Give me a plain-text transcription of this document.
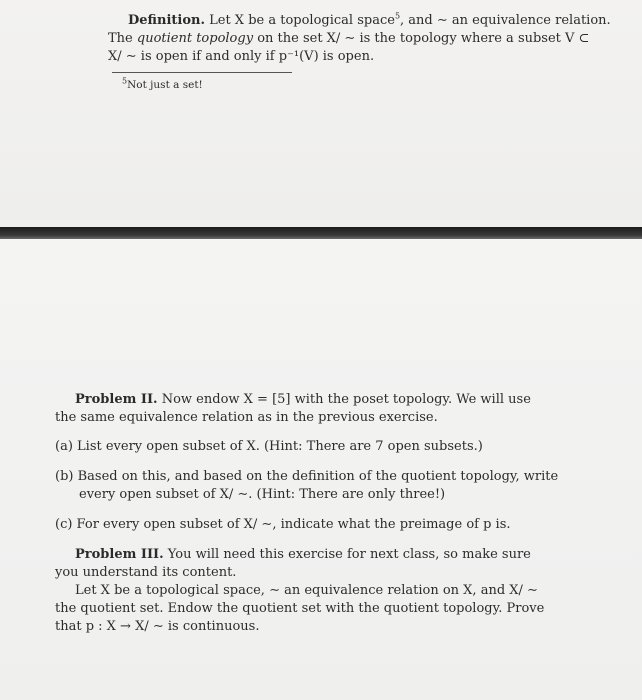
Definition. Let X be a topological space$^5$, and ∼ an equivalence relation.
The quotient topology on the set X/ ∼ is the topology where a subset V ⊂
X/ ∼ is open if and only if p⁻¹(V) is open.
$^5$Not just a set!
Problem II. Now endow X = [5] with the poset topology. We will use
the same equivalence relation as in the previous exercise.
(a) List every open subset of X. (Hint: There are 7 open subsets.)
(b) Based on this, and based on the definition of the quotient topology, write
every open subset of X/ ∼. (Hint: There are only three!)
(c) For every open subset of X/ ∼, indicate what the preimage of p is.
Problem III. You will need this exercise for next class, so make sure
you understand its content.
Let X be a topological space, ∼ an equivalence relation on X, and X/ ∼
the quotient set. Endow the quotient set with the quotient topology. Prove
that p : X → X/ ∼ is continuous.
